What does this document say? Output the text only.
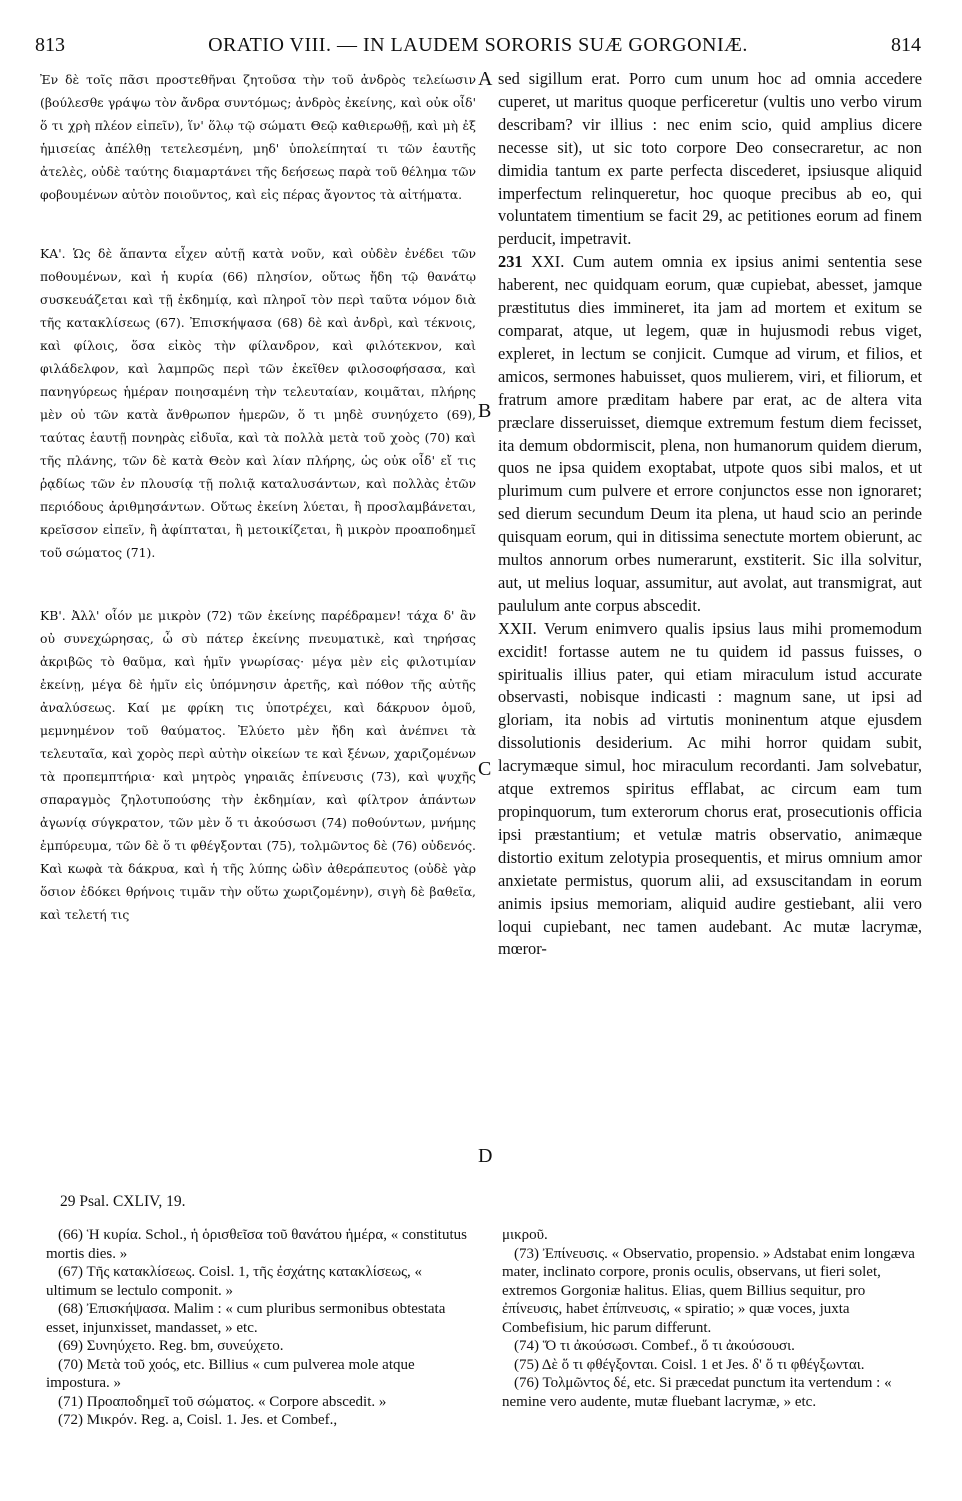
813	ORATIO VIII. — IN LAUDEM SORORIS SUÆ GORGONIÆ.	814
A
B
C
D

Ἐν δὲ τοῖς πᾶσι προστεθῆναι ζητοῦσα τὴν τοῦ ἀνδρὸς τελείωσιν (βούλεσθε γράψω τὸν ἄνδρα συντόμως; ἀνδρὸς ἐκείνης, καὶ οὐκ οἶδ' ὅ τι χρὴ πλέον εἰπεῖν), ἵν' ὅλῳ τῷ σώματι Θεῷ καθιερωθῇ, καὶ μὴ ἐξ ἡμισείας ἀπέλθῃ τετελεσμένη, μηδ' ὑπολείπηταί τι τῶν ἑαυτῆς ἀτελὲς, οὐδὲ ταύτης διαμαρτάνει τῆς δεήσεως παρὰ τοῦ θέλημα τῶν φοβουμένων αὐτὸν ποιοῦντος, καὶ εἰς πέρας ἄγοντος τὰ αἰτήματα.

ΚΑ'. Ὡς δὲ ἅπαντα εἶχεν αὐτῇ κατὰ νοῦν, καὶ οὐδὲν ἐνέδει τῶν ποθουμένων, καὶ ἡ κυρία (66) πλησίον, οὕτως ἤδη τῷ θανάτῳ συσκευάζεται καὶ τῇ ἐκδημίᾳ, καὶ πληροῖ τὸν περὶ ταῦτα νόμον διὰ τῆς κατακλίσεως (67). Ἐπισκήψασα (68) δὲ καὶ ἀνδρὶ, καὶ τέκνοις, καὶ φίλοις, ὅσα εἰκὸς τὴν φίλανδρον, καὶ φιλότεκνον, καὶ φιλάδελφον, καὶ λαμπρῶς περὶ τῶν ἐκεῖθεν φιλοσοφήσασα, καὶ πανηγύρεως ἡμέραν ποιησαμένη τὴν τελευταίαν, κοιμᾶται, πλήρης μὲν οὐ τῶν κατὰ ἄνθρωπον ἡμερῶν, ὅ τι μηδὲ συνηύχετο (69), ταύτας ἑαυτῇ πονηρὰς εἰδυῖα, καὶ τὰ πολλὰ μετὰ τοῦ χοὸς (70) καὶ τῆς πλάνης, τῶν δὲ κατὰ Θεὸν καὶ λίαν πλήρης, ὡς οὐκ οἶδ' εἴ τις ῥᾳδίως τῶν ἐν πλουσίᾳ τῇ πολιᾷ καταλυσάντων, καὶ πολλὰς ἐτῶν περιόδους ἀριθμησάντων. Οὕτως ἐκείνη λύεται, ἢ προσλαμβάνεται, κρεῖσσον εἰπεῖν, ἢ ἀφίπταται, ἢ μετοικίζεται, ἢ μικρὸν προαποδημεῖ τοῦ σώματος (71).

ΚΒ'. Ἀλλ' οἷόν με μικρὸν (72) τῶν ἐκείνης παρέδραμεν! τάχα δ' ἂν οὐ συνεχώρησας, ὦ σὺ πάτερ ἐκείνης πνευματικὲ, καὶ τηρήσας ἀκριβῶς τὸ θαῦμα, καὶ ἡμῖν γνωρίσας· μέγα μὲν εἰς φιλοτιμίαν ἐκείνῃ, μέγα δὲ ἡμῖν εἰς ὑπόμνησιν ἀρετῆς, καὶ πόθον τῆς αὐτῆς ἀναλύσεως. Καί με φρίκη τις ὑποτρέχει, καὶ δάκρυον ὁμοῦ, μεμνημένον τοῦ θαύματος. Ἐλύετο μὲν ἤδη καὶ ἀνέπνει τὰ τελευταῖα, καὶ χορὸς περὶ αὐτὴν οἰκείων τε καὶ ξένων, χαριζομένων τὰ προπεμπτήρια· καὶ μητρὸς γηραιᾶς ἐπίνευσις (73), καὶ ψυχῆς σπαραγμὸς ζηλοτυπούσης τὴν ἐκδημίαν, καὶ φίλτρον ἁπάντων ἀγωνίᾳ σύγκρατον, τῶν μὲν ὅ τι ἀκούσωσι (74) ποθούντων, μνήμης ἐμπύρευμα, τῶν δὲ ὅ τι φθέγξονται (75), τολμῶντος δὲ (76) οὐδενός. Καὶ κωφὰ τὰ δάκρυα, καὶ ἡ τῆς λύπης ὠδὶν ἀθεράπευτος (οὐδὲ γὰρ ὅσιον ἐδόκει θρήνοις τιμᾶν τὴν οὕτω χωριζομένην), σιγὴ δὲ βαθεῖα, καὶ τελετή τις

sed sigillum erat. Porro cum unum hoc ad omnia accedere cuperet, ut maritus quoque perficeretur (vultis uno verbo virum describam? vir illius : nec enim scio, quid amplius dicere necesse sit), ut sic toto corpore Deo consecraretur, ac non dimidia tantum ex parte perfecta discederet, ipsiusque aliquid imperfectum relinqueretur, hoc quoque precibus ab eo, qui voluntatem timentium se facit 29, ac petitiones eorum ad finem perducit, impetravit.

231 XXI. Cum autem omnia ex ipsius animi sententia sese haberent, nec quidquam eorum, quæ cupiebat, abesset, jamque præstitutus dies immineret, ita jam ad mortem et exitum se comparat, atque, ut legem, quæ in hujusmodi rebus viget, expleret, in lectum se conjicit. Cumque ad virum, et filios, et amicos, sermones habuisset, quos mulierem, viri, et filiorum, et fratrum amore præditam habere par erat, ac de altera vita præclare disseruisset, diemque extremum festum diem fecisset, ita demum obdormiscit, plena, non humanorum quidem dierum, quos ne ipsa quidem exoptabat, utpote quos sibi malos, et ut plurimum cum pulvere et errore conjunctos esse non ignoraret; sed dierum secundum Deum ita plena, ut haud scio an perinde quisquam eorum, qui in ditissima senectute mortem obierunt, ac multos annorum orbes numerarunt, exstiterit. Sic illa solvitur, aut, ut melius loquar, assumitur, aut avolat, aut transmigrat, aut paululum ante corpus abscedit.

XXII. Verum enimvero qualis ipsius laus mihi promemodum excidit! fortasse autem ne tu quidem id passus fuisses, o spiritualis illius pater, qui etiam miraculum istud accurate observasti, nobisque indicasti : magnum sane, ut ipsi ad gloriam, ita nobis ad virtutis moninentum atque ejusdem dissolutionis desiderium. Ac mihi horror quidam subit, lacrymæque simul, hoc miraculum recordanti. Jam solvebatur, atque extremos spiritus efflabat, ac circum eam tum propinquorum, tum exterorum chorus erat, prosecutionis officia ipsi præstantium; et vetulæ matris observatio, animæque distortio exitum zelotypia prosequentis, et mirus omnium amor anxietate permistus, quorum alii, ad exsuscitandam in eorum animis ipsius memoriam, aliquid audire gestiebant, alii vero loqui cupiebant, nec tamen audebant. Ac mutæ lacrymæ, mœror-

29 Psal. CXLIV, 19.

(66) Ἡ κυρία. Schol., ἡ ὁρισθεῖσα τοῦ θανάτου ἡμέρα, « constitutus mortis dies. »

(67) Τῆς κατακλίσεως. Coisl. 1, τῆς ἐσχάτης κατακλίσεως, « ultimum se lectulo componit. »

(68) Ἐπισκήψασα. Malim : « cum pluribus sermonibus obtestata esset, injunxisset, mandasset, » etc.

(69) Συνηύχετο. Reg. bm, συνεύχετο.

(70) Μετὰ τοῦ χοός, etc. Billius « cum pulverea mole atque impostura. »

(71) Προαποδημεῖ τοῦ σώματος. « Corpore abscedit. »

(72) Μικρόν. Reg. a, Coisl. 1. Jes. et Combef.,

μικροῦ.

(73) Ἐπίνευσις. « Observatio, propensio. » Adstabat enim longæva mater, inclinato corpore, pronis oculis, observans, ut fieri solet, extremos Gorgoniæ halitus. Elias, quem Billius sequitur, pro ἐπίνευσις, habet ἐπίπνευσις, « spiratio; » quæ voces, juxta Combefisium, hic parum differunt.

(74) Ὅ τι ἀκούσωσι. Combef., ὅ τι ἀκούσουσι.

(75) Δὲ ὅ τι φθέγξονται. Coisl. 1 et Jes. δ' ὅ τι φθέγξωνται.

(76) Τολμῶντος δέ, etc. Si præcedat punctum ita vertendum : « nemine vero audente, mutæ fluebant lacrymæ, » etc.
